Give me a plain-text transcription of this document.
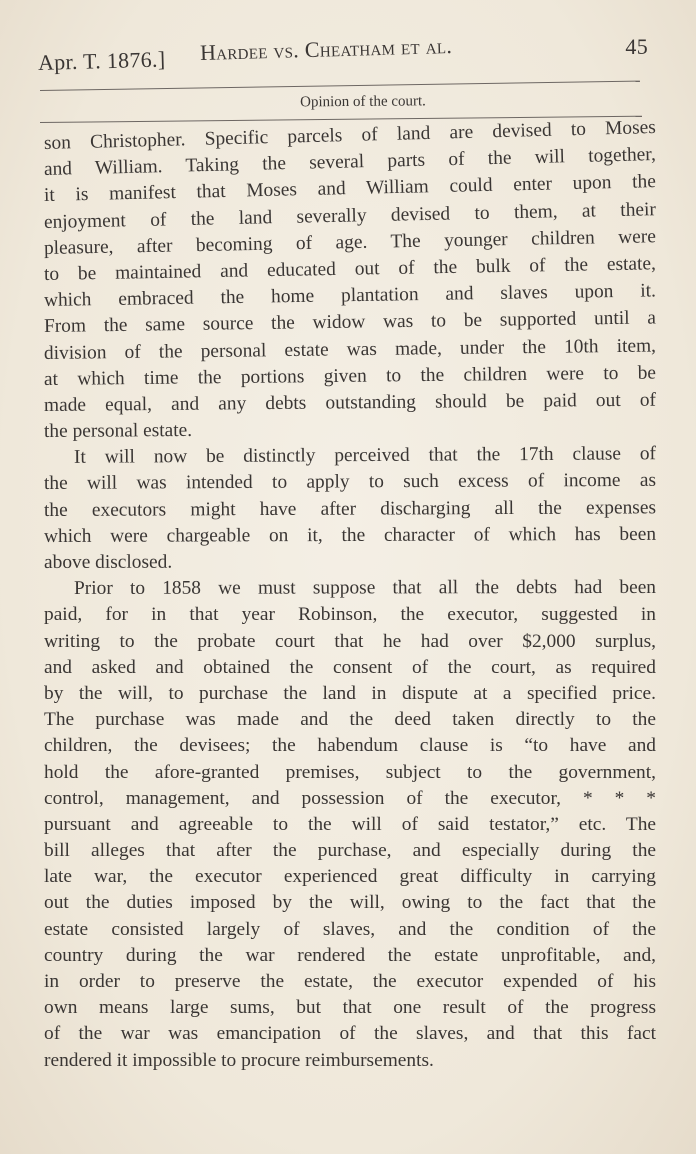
Apr. T. 1876.] Hardee vs. Cheatham et al.	45
Opinion of the court.
son Christopher. Specific parcels of land are devised to Moses
and William. Taking the several parts of the will together,
it is manifest that Moses and William could enter upon the
enjoyment of the land severally devised to them, at their
pleasure, after becoming of age. The younger children were
to be maintained and educated out of the bulk of the estate,
which embraced the home plantation and slaves upon it.
From the same source the widow was to be supported until a
division of the personal estate was made, under the 10th item,
at which time the portions given to the children were to be
made equal, and any debts outstanding should be paid out of
the personal estate.
It will now be distinctly perceived that the 17th clause of
the will was intended to apply to such excess of income as
the executors might have after discharging all the expenses
which were chargeable on it, the character of which has been
above disclosed.
Prior to 1858 we must suppose that all the debts had been
paid, for in that year Robinson, the executor, suggested in
writing to the probate court that he had over $2,000 surplus,
and asked and obtained the consent of the court, as required
by the will, to purchase the land in dispute at a specified price.
The purchase was made and the deed taken directly to the
children, the devisees; the habendum clause is “to have and
hold the afore-granted premises, subject to the government,
control, management, and possession of the executor, * * *
pursuant and agreeable to the will of said testator,” etc. The
bill alleges that after the purchase, and especially during the
late war, the executor experienced great difficulty in carrying
out the duties imposed by the will, owing to the fact that the
estate consisted largely of slaves, and the condition of the
country during the war rendered the estate unprofitable, and,
in order to preserve the estate, the executor expended of his
own means large sums, but that one result of the progress
of the war was emancipation of the slaves, and that this fact
rendered it impossible to procure reimbursements.
